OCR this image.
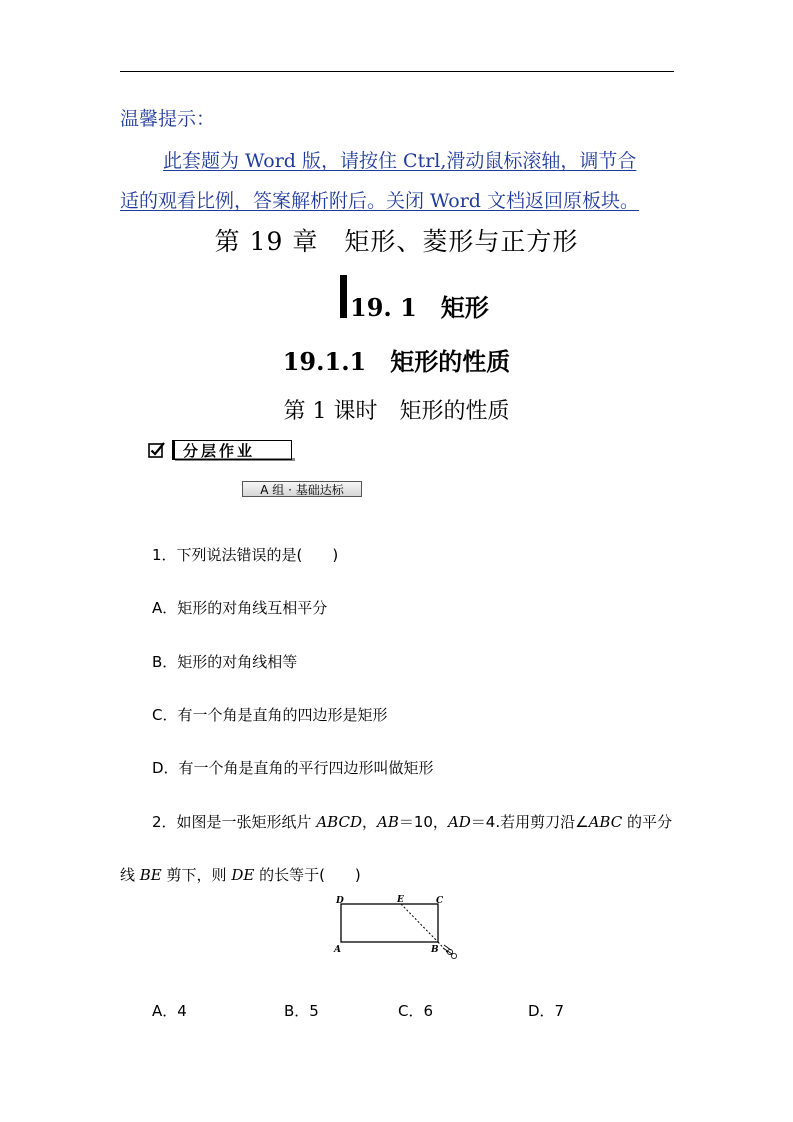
温馨提示：
此套题为 Word 版，请按住 Ctrl,滑动鼠标滚轴，调节合
适的观看比例，答案解析附后。关闭 Word 文档返回原板块。
第 19 章　矩形、菱形与正方形
19. 1　矩形
19.1.1　矩形的性质
第 1 课时　矩形的性质
分层作业
A 组 · 基础达标
1．下列说法错误的是(　　)
A．矩形的对角线互相平分
B．矩形的对角线相等
C．有一个角是直角的四边形是矩形
D．有一个角是直角的平行四边形叫做矩形
2．如图是一张矩形纸片 ABCD，AB＝10，AD＝4.若用剪刀沿∠ABC 的平分
线 BE 剪下，则 DE 的长等于(　　)
D	E	C
A	B
A．4	B．5	C．6	D．7
